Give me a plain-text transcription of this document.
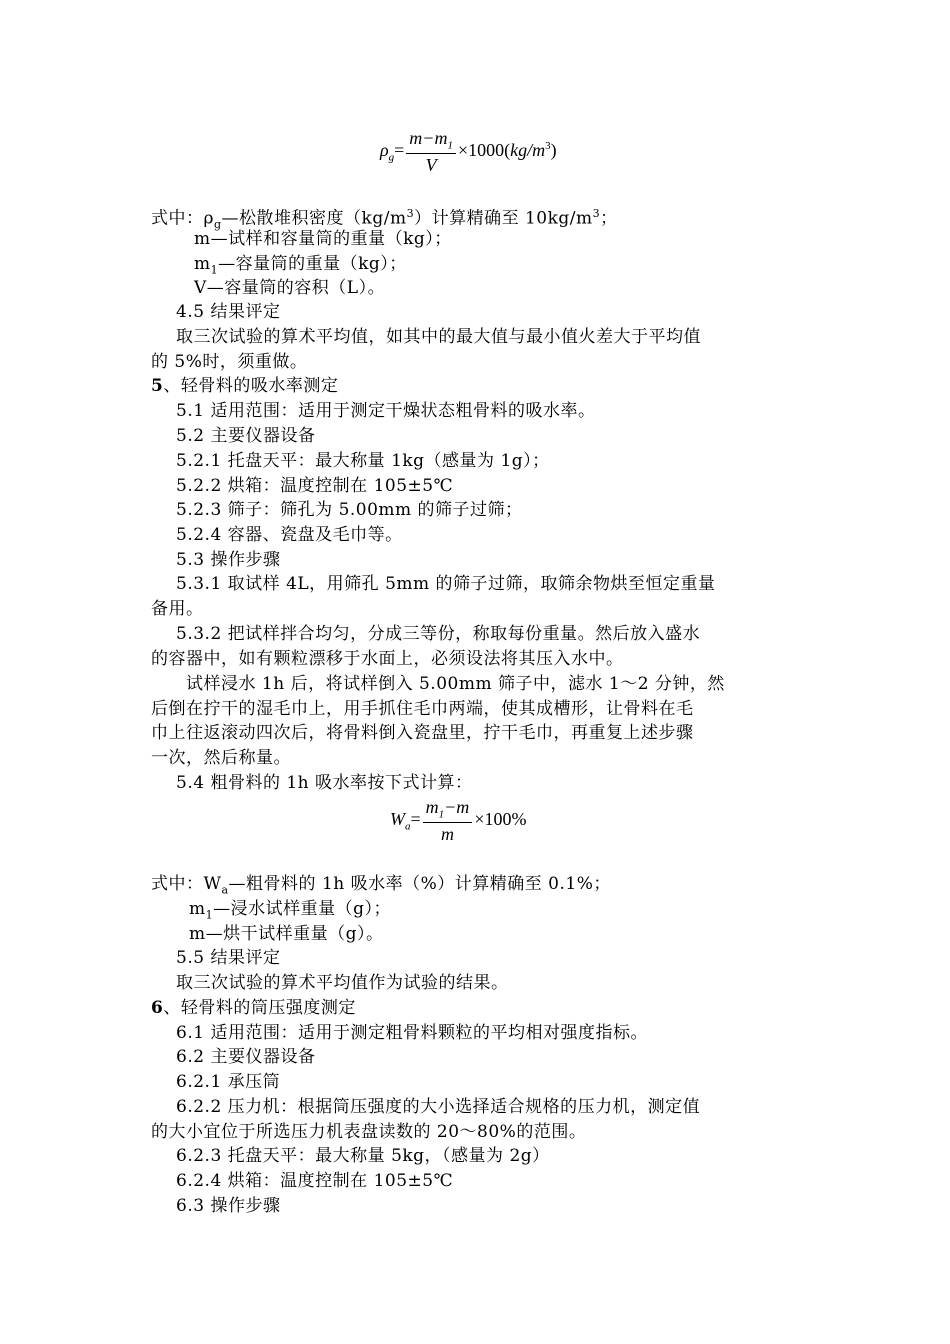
$\rho_g= \frac{m-m_1}{V} \times 1000(kg/m^3)$
式中：$\rho_g—$松散堆积密度$(kg/m^3)$计算精确至 $10kg/m^3$；
m—试样和容量筒的重量（kg）；
$m_1—$容量筒的重量（kg）；
V—容量筒的容积（L）。
4.5 结果评定
取三次试验的算术平均值，如其中的最大值与最小值火差大于平均值
的 5%时，须重做。
5、轻骨料的吸水率测定
5.1 适用范围：适用于测定干燥状态粗骨料的吸水率。
5.2 主要仪器设备
5.2.1 托盘天平：最大称量 1kg（感量为 1g）；
5.2.2 烘箱：温度控制在 105±5℃
5.2.3 筛子：筛孔为 5.00mm 的筛子过筛；
5.2.4 容器、瓷盘及毛巾等。
5.3 操作步骤
5.3.1 取试样 4L，用筛孔 5mm 的筛子过筛，取筛余物烘至恒定重量
备用。
5.3.2 把试样拌合均匀，分成三等份，称取每份重量。然后放入盛水
的容器中，如有颗粒漂移于水面上，必须设法将其压入水中。
试样浸水 1h 后，将试样倒入 5.00mm 筛子中，滤水 1～2 分钟，然
后倒在拧干的湿毛巾上，用手抓住毛巾两端，使其成槽形，让骨料在毛
巾上往返滚动四次后，将骨料倒入瓷盘里，拧干毛巾，再重复上述步骤
一次，然后称量。
5.4 粗骨料的 1h 吸水率按下式计算：
$W_a= \frac{m_1-m}{m} \times 100\%$
式中：$W_a—$粗骨料的 1h 吸水率（%）计算精确至 0.1%；
$m_1—$浸水试样重量（g）；
m—烘干试样重量（g）。
5.5 结果评定
取三次试验的算术平均值作为试验的结果。
6、轻骨料的筒压强度测定
6.1 适用范围：适用于测定粗骨料颗粒的平均相对强度指标。
6.2 主要仪器设备
6.2.1 承压筒
6.2.2 压力机：根据筒压强度的大小选择适合规格的压力机，测定值
的大小宜位于所选压力机表盘读数的 20～80%的范围。
6.2.3 托盘天平：最大称量 5kg，（感量为 2g）
6.2.4 烘箱：温度控制在 105±5℃
6.3 操作步骤
